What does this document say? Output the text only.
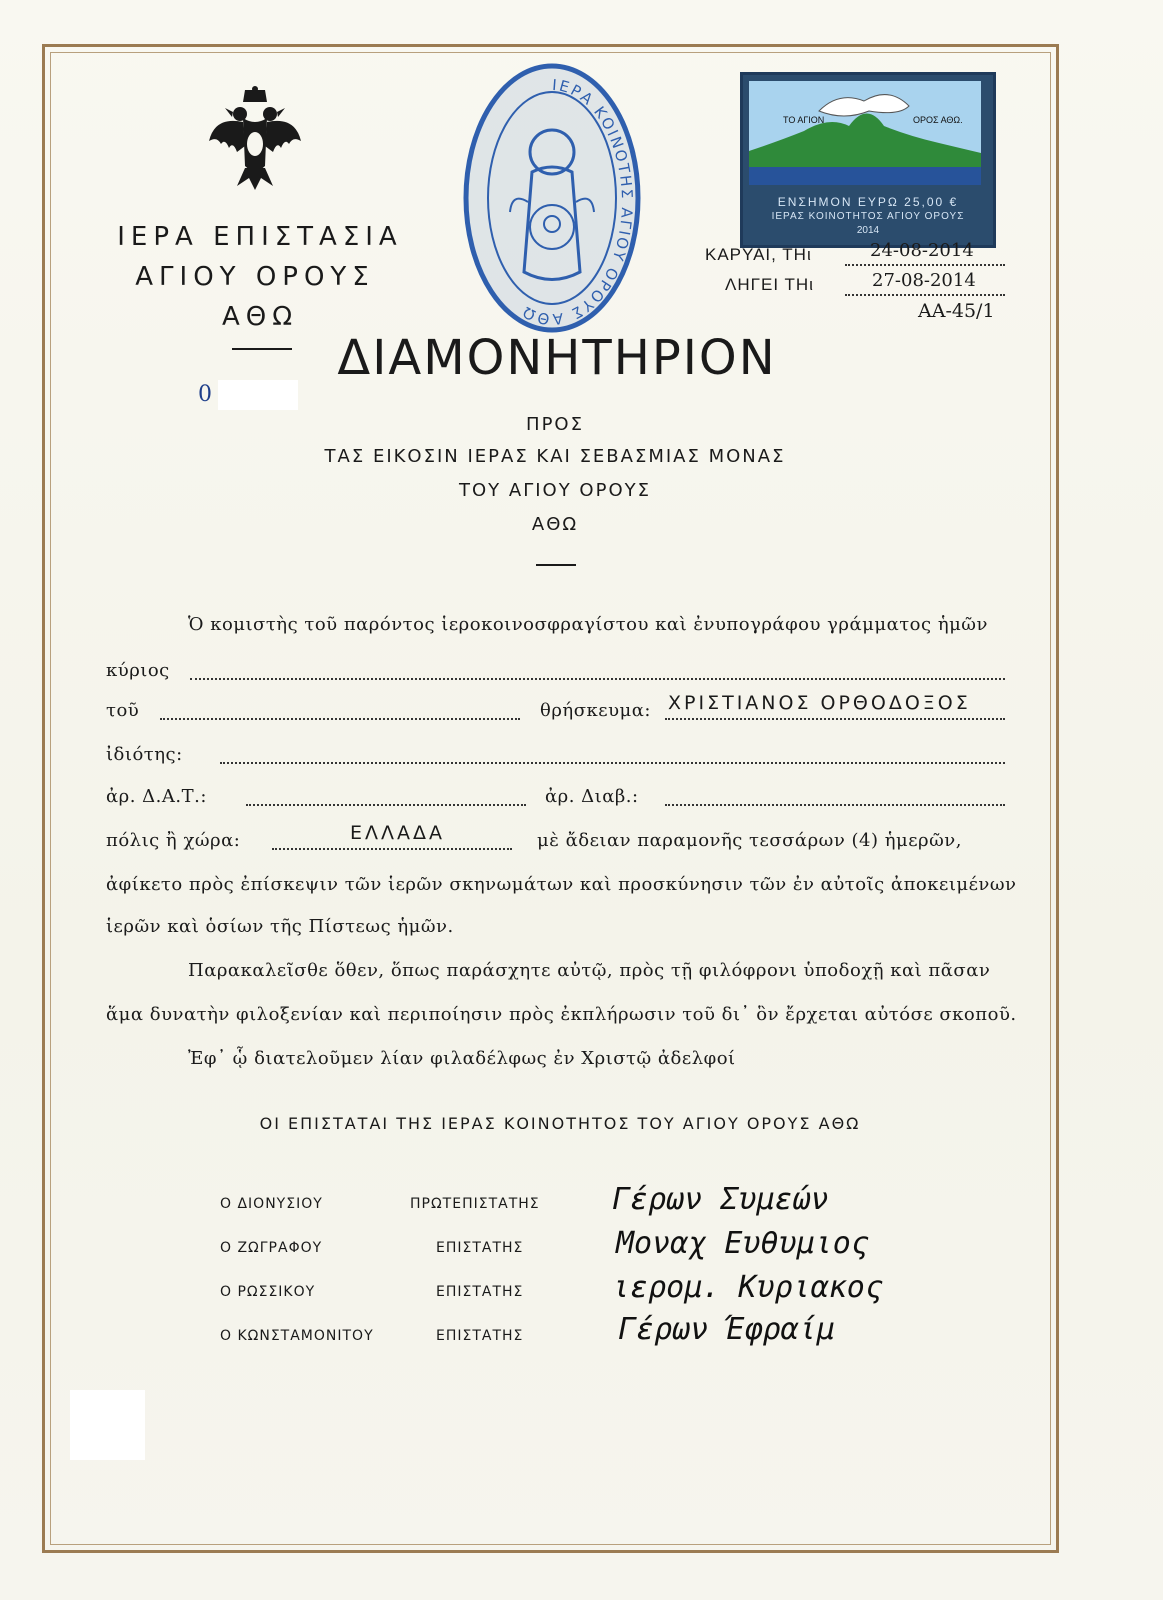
ΙΕΡΑ ΕΠΙΣΤΑΣΙΑ
ΑΓΙΟΥ ΟΡΟΥΣ
ΑΘΩ
ΙΕΡΑ ΚΟΙΝΟΤΗΣ ΑΓΙΟΥ ΟΡΟΥΣ ΑΘΩ
ΤΟ ΑΓΙΟΝ	ΟΡΟΣ ΑΘΩ.
ΕΝΣΗΜΟΝ ΕΥΡΩ 25,00 €
ΙΕΡΑΣ ΚΟΙΝΟΤΗΤΟΣ ΑΓΙΟΥ ΟΡΟΥΣ
2014
ΚΑΡΥΑΙ, ΤΗι	24-08-2014
ΛΗΓΕΙ ΤΗι	27-08-2014
AA-45/1
0
ΔΙΑΜΟΝΗΤΗΡΙΟΝ
ΠΡΟΣ
ΤΑΣ ΕΙΚΟΣΙΝ ΙΕΡΑΣ ΚΑΙ ΣΕΒΑΣΜΙΑΣ ΜΟΝΑΣ
ΤΟΥ ΑΓΙΟΥ ΟΡΟΥΣ
ΑΘΩ
Ὁ κομιστὴς τοῦ παρόντος ἱεροκοινοσφραγίστου καὶ ἐνυπογράφου γράμματος ἡμῶν
κύριος
τοῦ	θρήσκευμα: ΧΡΙΣΤΙΑΝΟΣ ΟΡΘΟΔΟΞΟΣ
ἰδιότης:
ἀρ. Δ.Α.Τ.:	ἀρ. Διαβ.:
πόλις ἢ χώρα:	ΕΛΛΑΔΑ	μὲ ἄδειαν παραμονῆς τεσσάρων (4) ἡμερῶν,
ἀφίκετο πρὸς ἐπίσκεψιν τῶν ἱερῶν σκηνωμάτων καὶ προσκύνησιν τῶν ἐν αὐτοῖς ἀποκειμένων
ἱερῶν καὶ ὁσίων τῆς Πίστεως ἡμῶν.
Παρακαλεῖσθε ὅθεν, ὅπως παράσχητε αὐτῷ, πρὸς τῇ φιλόφρονι ὑποδοχῇ καὶ πᾶσαν
ἅμα δυνατὴν φιλοξενίαν καὶ περιποίησιν πρὸς ἐκπλήρωσιν τοῦ δι᾽ ὃν ἔρχεται αὐτόσε σκοποῦ.
Ἐφ᾽ ᾧ διατελοῦμεν λίαν φιλαδέλφως ἐν Χριστῷ ἀδελφοί
ΟΙ ΕΠΙΣΤΑΤΑΙ ΤΗΣ ΙΕΡΑΣ ΚΟΙΝΟΤΗΤΟΣ ΤΟΥ ΑΓΙΟΥ ΟΡΟΥΣ ΑΘΩ
Ο ΔΙΟΝΥΣΙΟΥ	ΠΡΩΤΕΠΙΣΤΑΤΗΣ Γέρων Συμεών
Ο ΖΩΓΡΑΦΟΥ	ΕΠΙΣΤΑΤΗΣ	Μοναχ Ευθυμιος
Ο ΡΩΣΣΙΚΟΥ	ΕΠΙΣΤΑΤΗΣ	ιερομ. Κυριακος
Ο ΚΩΝΣΤΑΜΟΝΙΤΟΥ	ΕΠΙΣΤΑΤΗΣ	Γέρων Έφραίμ
